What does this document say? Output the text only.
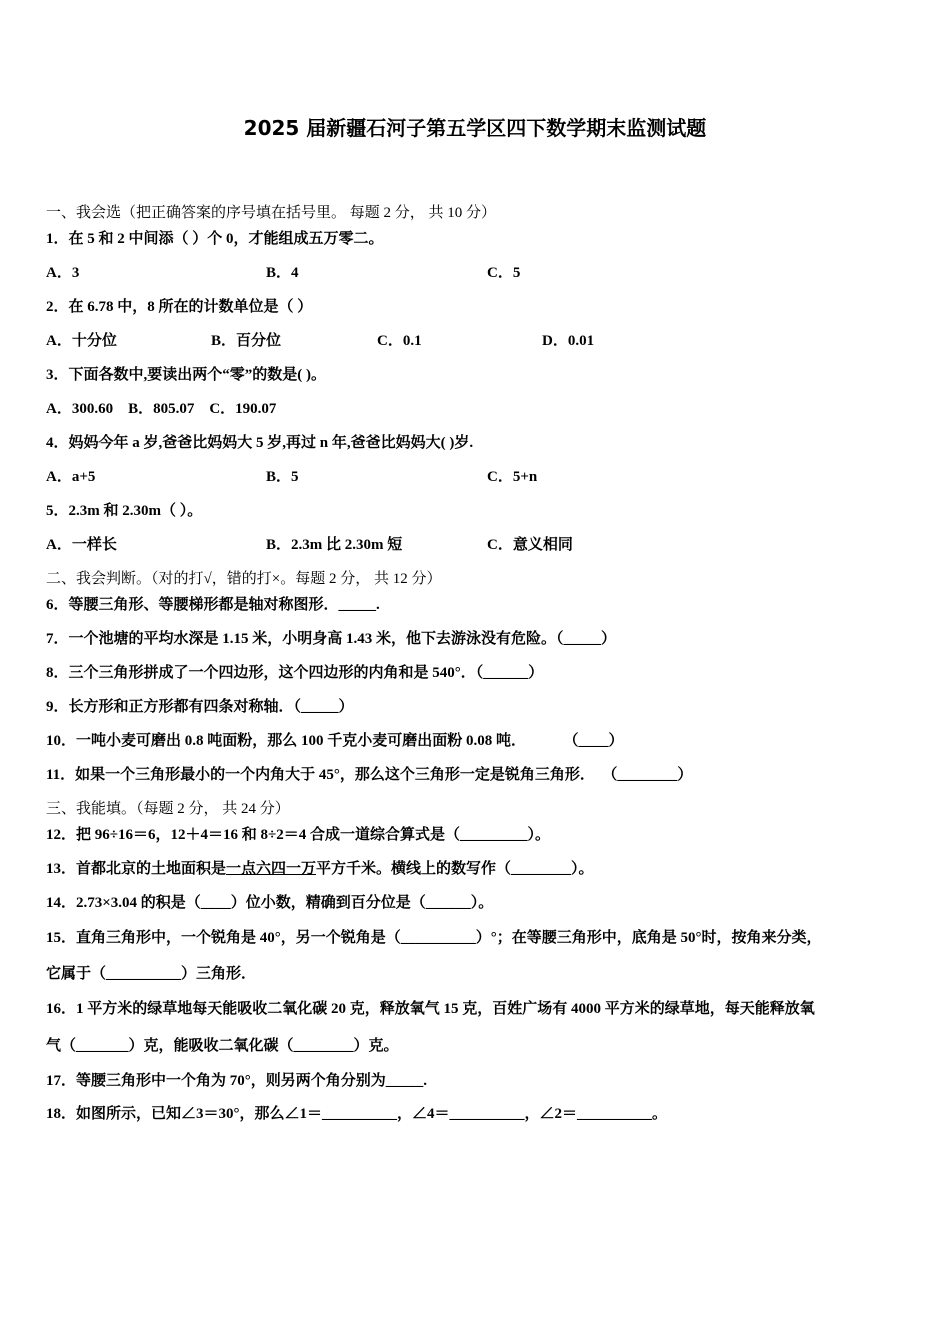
2025 届新疆石河子第五学区四下数学期末监测试题
一、我会选（把正确答案的序号填在括号里。 每题 2 分， 共 10 分）
1．在 5 和 2 中间添（ ）个 0，才能组成五万零二。
A．3	B．4	C．5
2．在 6.78 中，8 所在的计数单位是（ ）
A．十分位	B．百分位	C．0.1	D．0.01
3．下面各数中,要读出两个“零”的数是( )。
A．300.60    B．805.07    C．190.07
4．妈妈今年 a 岁,爸爸比妈妈大 5 岁,再过 n 年,爸爸比妈妈大( )岁.
A．a+5	B．5	C．5+n
5．2.3m 和 2.30m（ ）。
A．一样长	B．2.3m 比 2.30m 短	C．意义相同
二、我会判断。（对的打√，错的打×。每题 2 分， 共 12 分）
6．等腰三角形、等腰梯形都是轴对称图形．_____.
7．一个池塘的平均水深是 1.15 米，小明身高 1.43 米，他下去游泳没有危险。（_____）
8．三个三角形拼成了一个四边形，这个四边形的内角和是 540°．（______）
9．长方形和正方形都有四条对称轴．（_____）
10．一吨小麦可磨出 0.8 吨面粉，那么 100 千克小麦可磨出面粉 0.08 吨．          （____）
11．如果一个三角形最小的一个内角大于 45°，那么这个三角形一定是锐角三角形．  （________）
三、我能填。（每题 2 分， 共 24 分）
12．把 96÷16＝6，12＋4＝16 和 8÷2＝4 合成一道综合算式是（_________）。
13．首都北京的土地面积是一点六四一万平方千米。横线上的数写作（________）。
14．2.73×3.04 的积是（____）位小数，精确到百分位是（______）。
15．直角三角形中，一个锐角是 40°，另一个锐角是（__________）°；在等腰三角形中，底角是 50°时，按角来分类，
它属于（__________）三角形．
16．1 平方米的绿草地每天能吸收二氧化碳 20 克，释放氧气 15 克，百姓广场有 4000 平方米的绿草地，每天能释放氧
气（_______）克，能吸收二氧化碳（________）克。
17．等腰三角形中一个角为 70°，则另两个角分别为_____.
18．如图所示，已知∠3＝30°，那么∠1＝__________，∠4＝__________，∠2＝__________。
